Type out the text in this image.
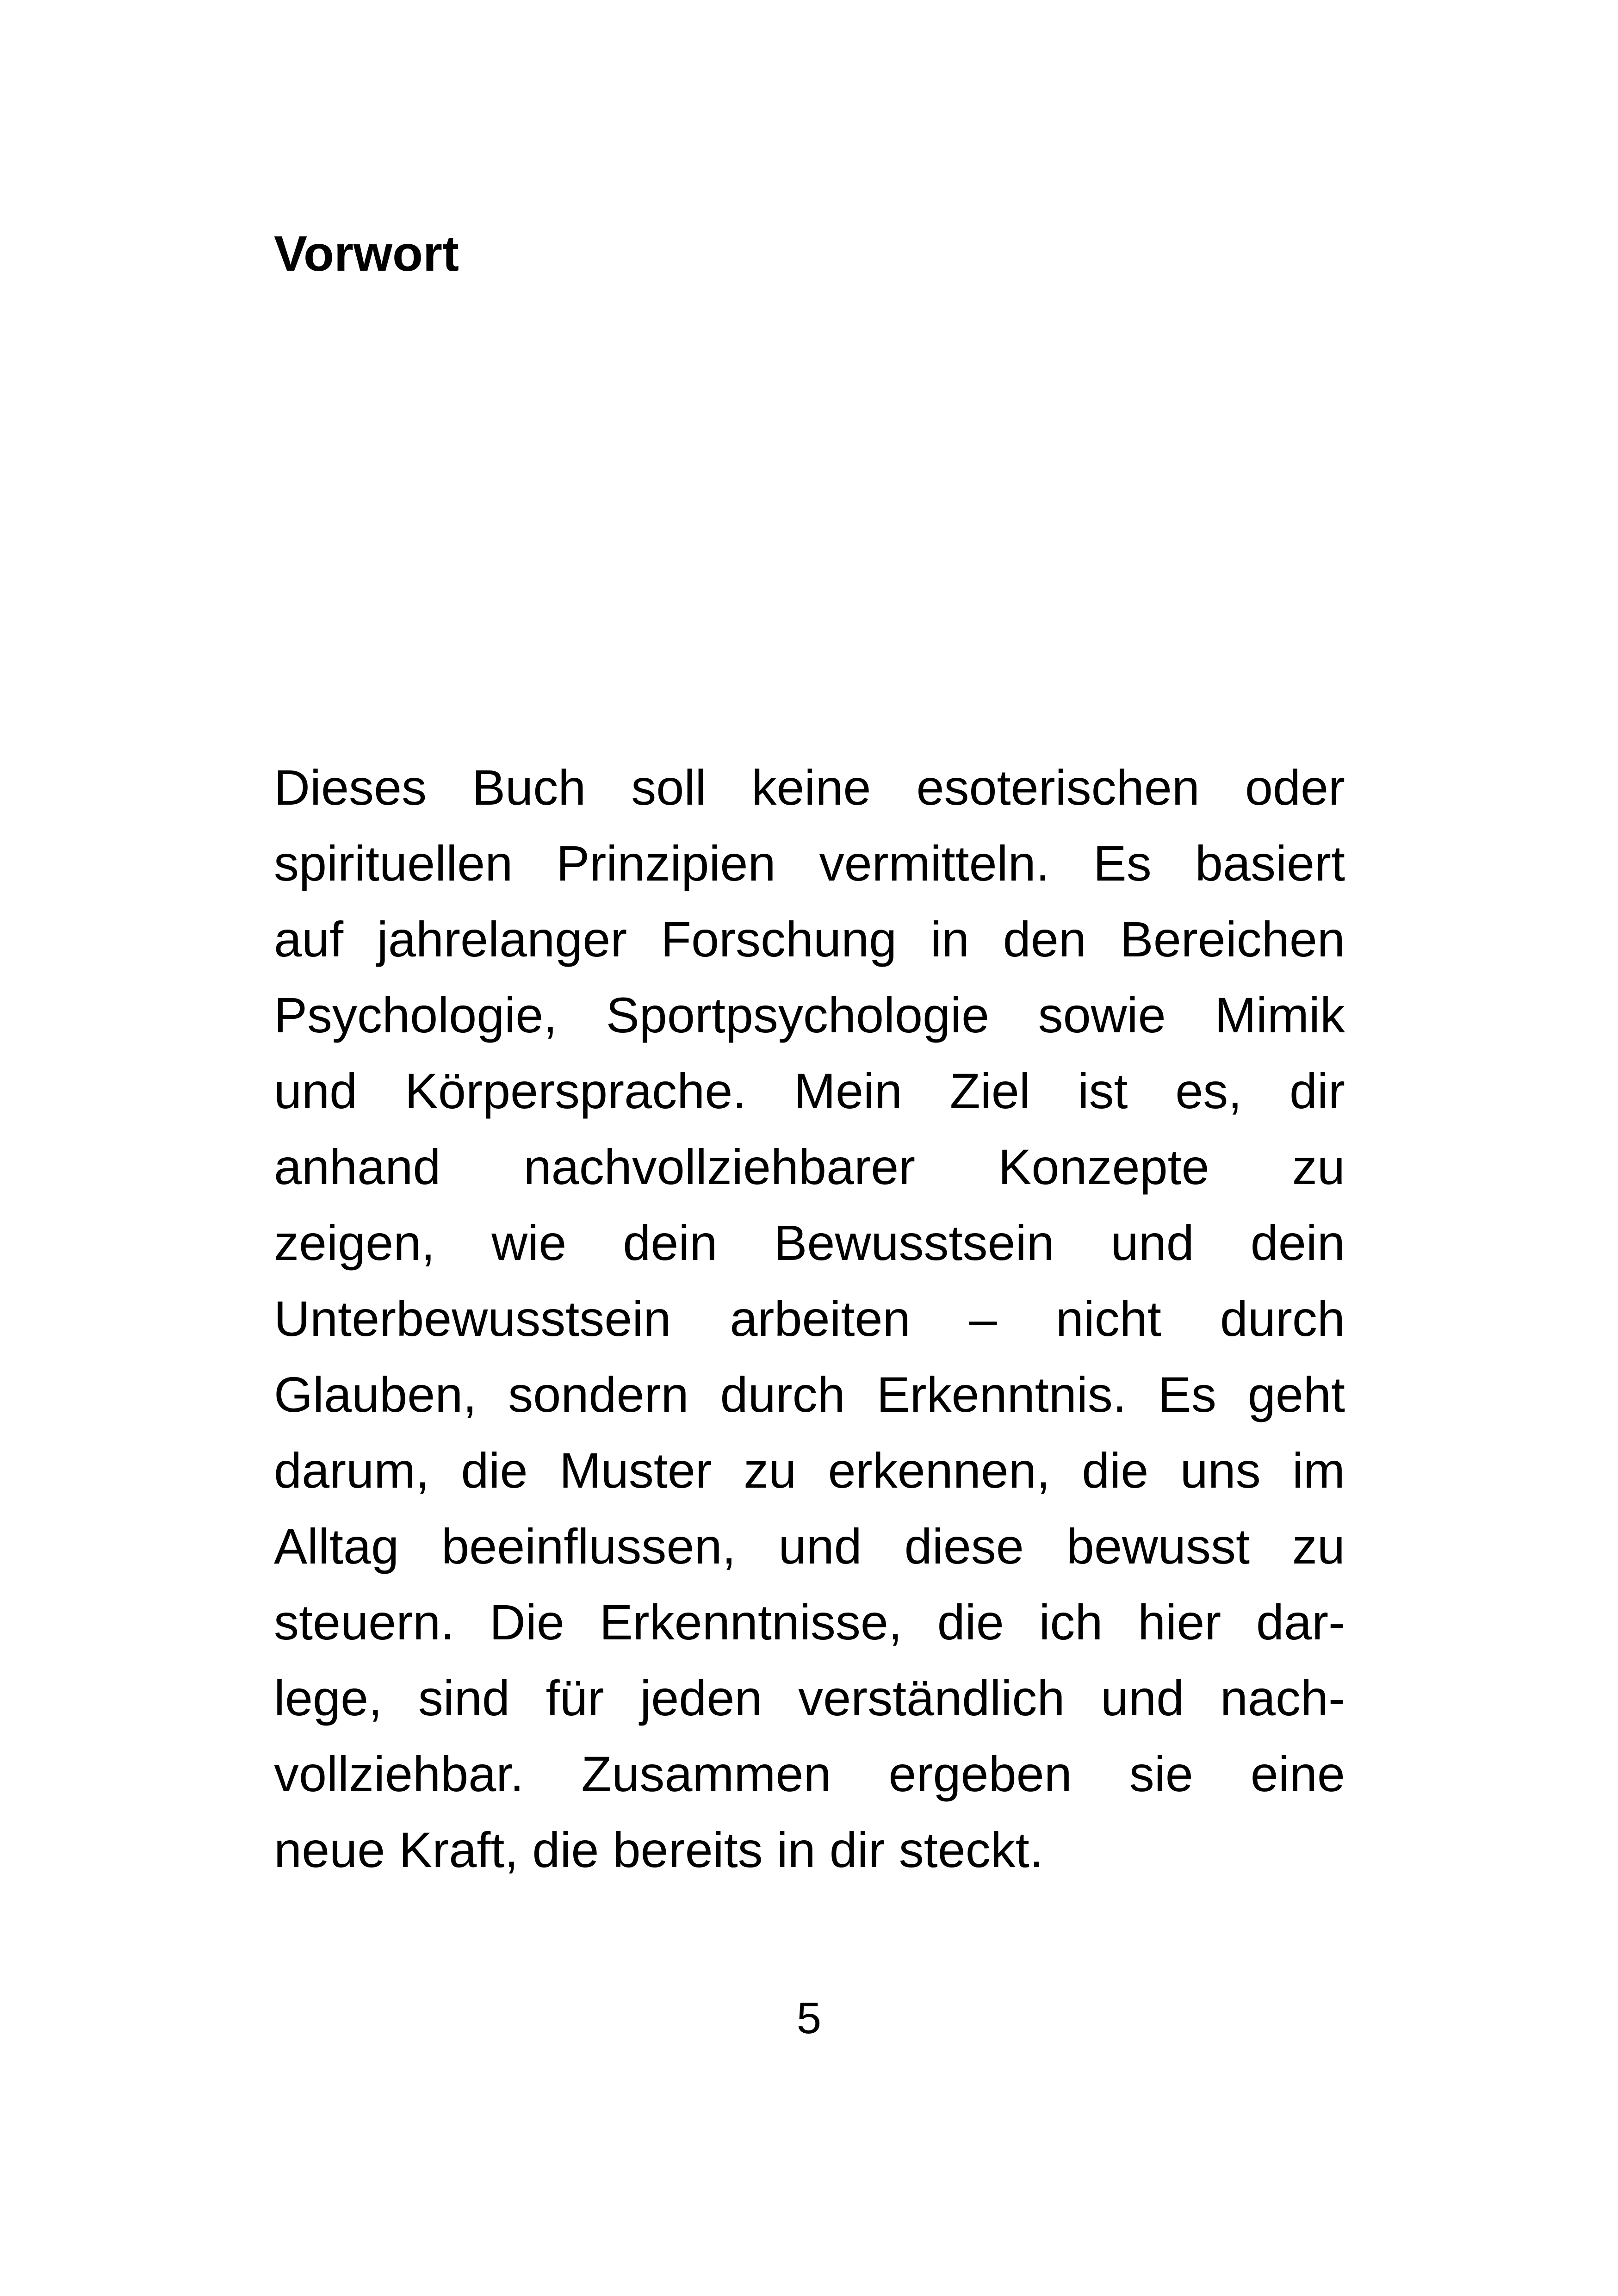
Vorwort
Dieses Buch soll keine esoterischen oder
spirituellen Prinzipien vermitteln. Es basiert
auf jahrelanger Forschung in den Bereichen
Psychologie, Sportpsychologie sowie Mimik
und Körpersprache. Mein Ziel ist es, dir
anhand nachvollziehbarer Konzepte zu
zeigen, wie dein Bewusstsein und dein
Unterbewusstsein arbeiten – nicht durch
Glauben, sondern durch Erkenntnis. Es geht
darum, die Muster zu erkennen, die uns im
Alltag beeinflussen, und diese bewusst zu
steuern. Die Erkenntnisse, die ich hier dar-
lege, sind für jeden verständlich und nach-
vollziehbar. Zusammen ergeben sie eine
neue Kraft, die bereits in dir steckt.
5
